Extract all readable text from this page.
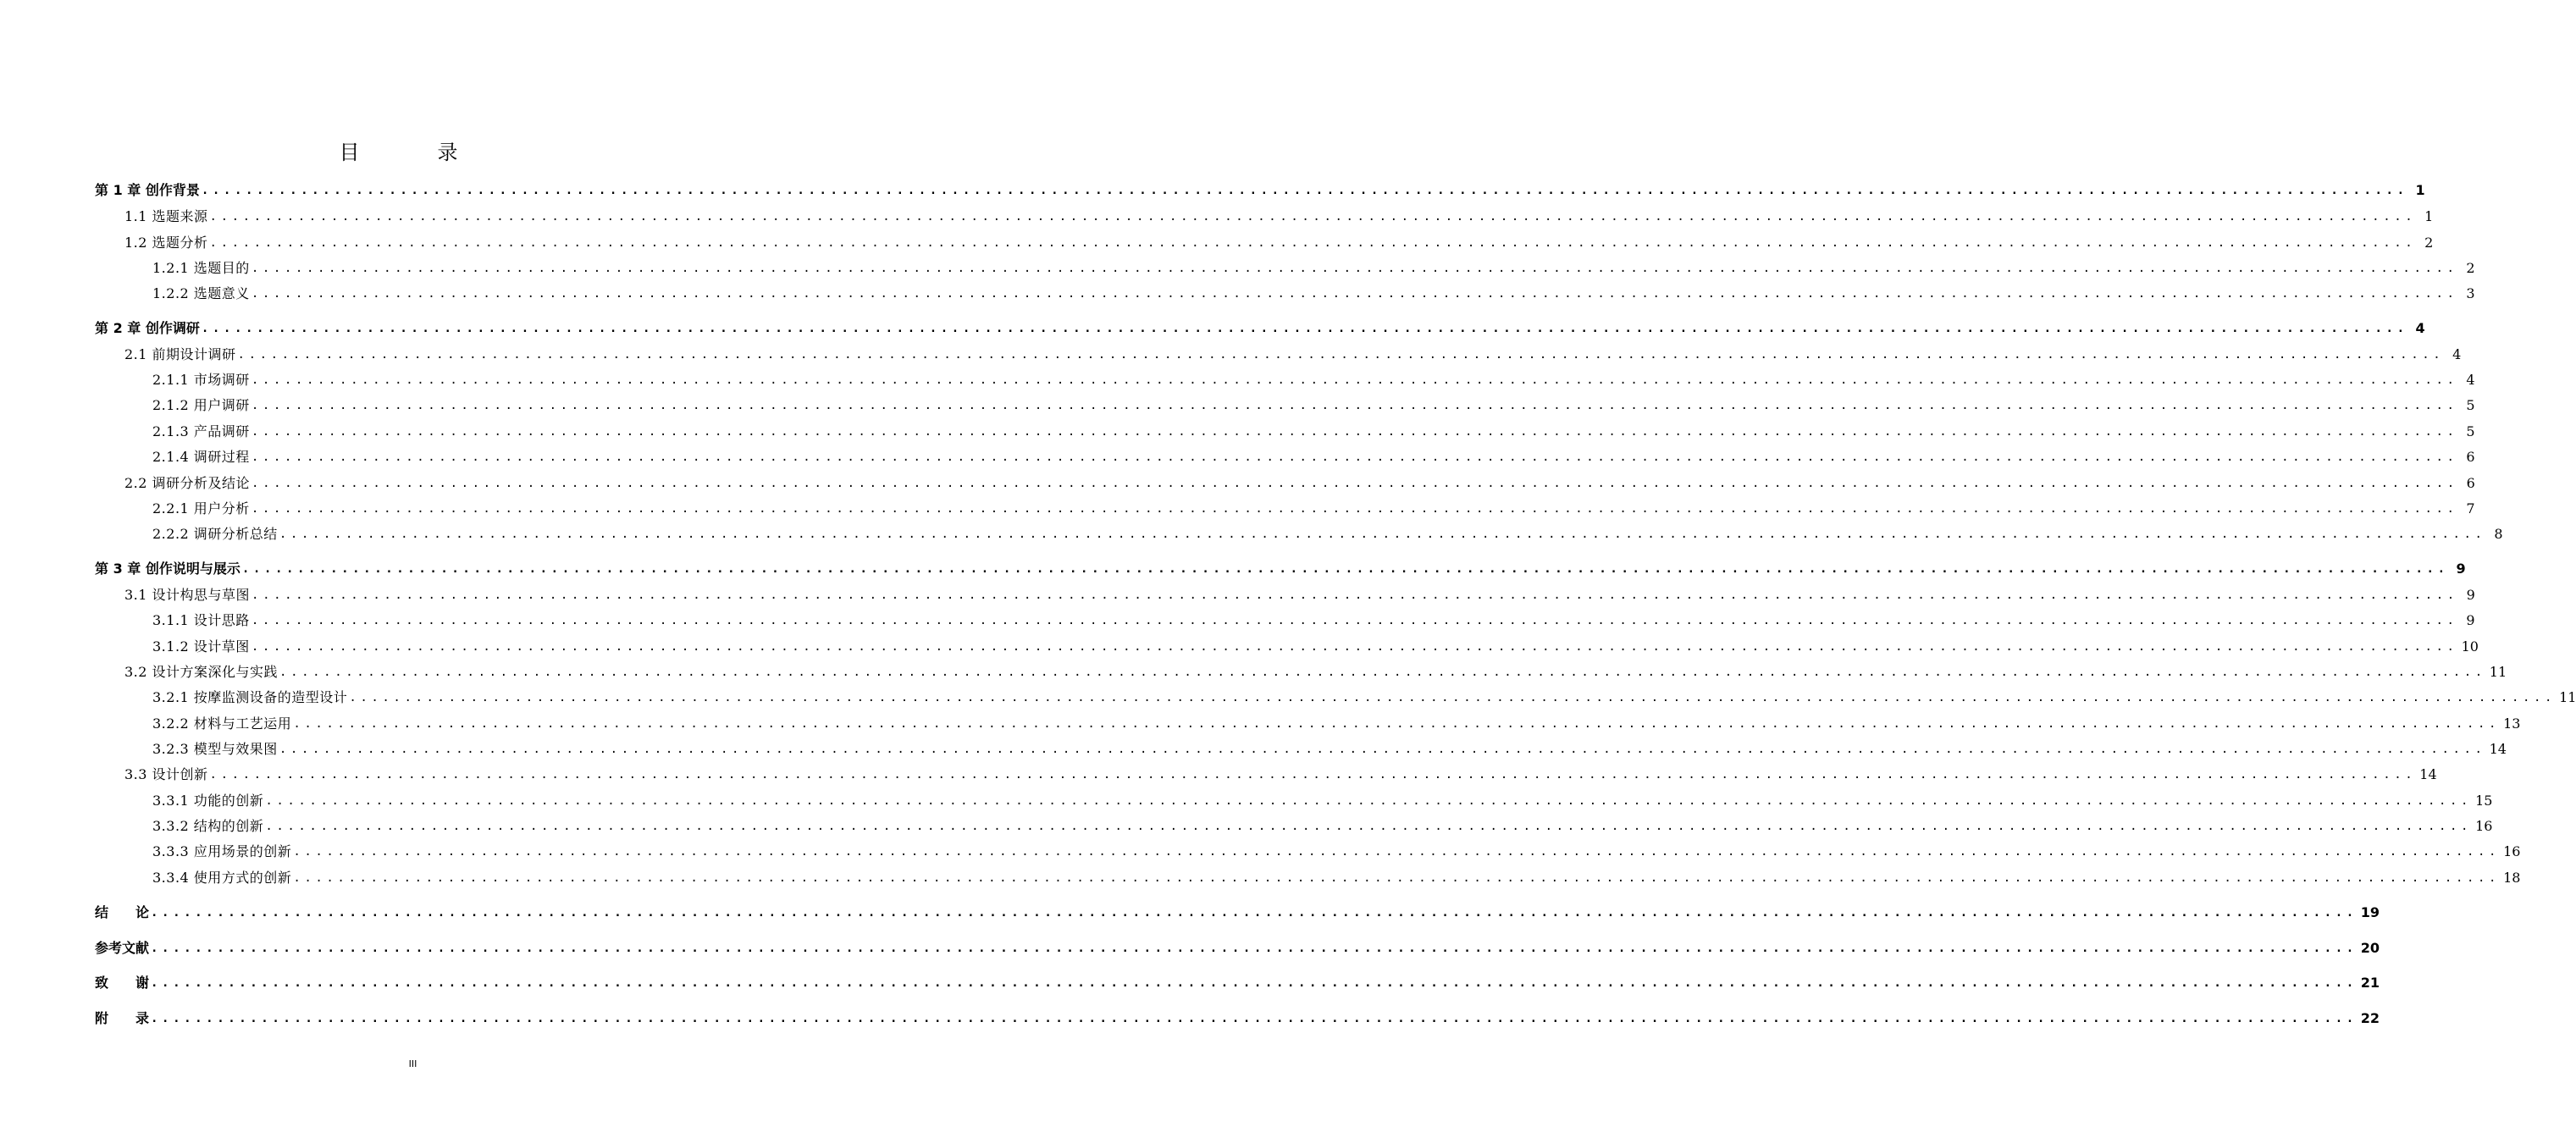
目　录
第 1 章 创作背景 ........................................................................................................................................................................................................ 1
1.1 选题来源 ........................................................................................................................................................................................................ 1
1.2 选题分析 ........................................................................................................................................................................................................ 2
1.2.1 选题目的 ........................................................................................................................................................................................................ 2
1.2.2 选题意义 ........................................................................................................................................................................................................ 3
第 2 章 创作调研 ........................................................................................................................................................................................................ 4
2.1 前期设计调研 ........................................................................................................................................................................................................ 4
2.1.1 市场调研 ........................................................................................................................................................................................................ 4
2.1.2 用户调研 ........................................................................................................................................................................................................ 5
2.1.3 产品调研 ........................................................................................................................................................................................................ 5
2.1.4 调研过程 ........................................................................................................................................................................................................ 6
2.2 调研分析及结论 ........................................................................................................................................................................................................ 6
2.2.1 用户分析 ........................................................................................................................................................................................................ 7
2.2.2 调研分析总结 ........................................................................................................................................................................................................ 8
第 3 章 创作说明与展示 ........................................................................................................................................................................................................ 9
3.1 设计构思与草图 ........................................................................................................................................................................................................ 9
3.1.1 设计思路 ........................................................................................................................................................................................................ 9
3.1.2 设计草图 ........................................................................................................................................................................................................ 10
3.2 设计方案深化与实践 ........................................................................................................................................................................................................ 11
3.2.1 按摩监测设备的造型设计 ........................................................................................................................................................................................................ 11
3.2.2 材料与工艺运用 ........................................................................................................................................................................................................ 13
3.2.3 模型与效果图 ........................................................................................................................................................................................................ 14
3.3 设计创新 ........................................................................................................................................................................................................ 14
3.3.1 功能的创新 ........................................................................................................................................................................................................ 15
3.3.2 结构的创新 ........................................................................................................................................................................................................ 16
3.3.3 应用场景的创新 ........................................................................................................................................................................................................ 16
3.3.4 使用方式的创新 ........................................................................................................................................................................................................ 18
结　　论 ........................................................................................................................................................................................................ 19
参考文献 ........................................................................................................................................................................................................ 20
致　　谢 ........................................................................................................................................................................................................ 21
附　　录 ........................................................................................................................................................................................................ 22
III
